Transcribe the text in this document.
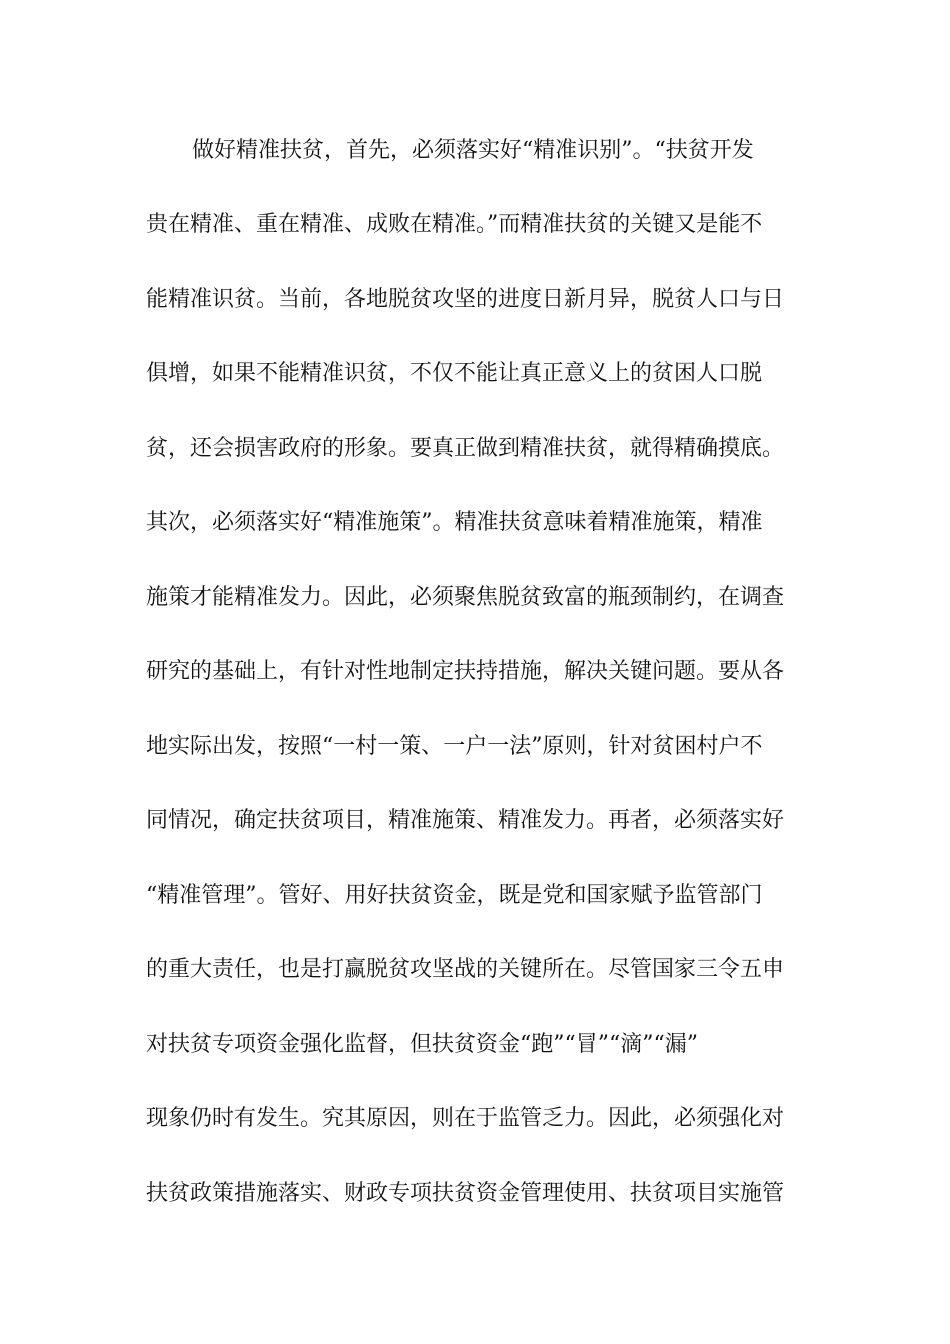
做好精准扶贫，首先，必须落实好“精准识别”。“扶贫开发
贵在精准、重在精准、成败在精准。”而精准扶贫的关键又是能不
能精准识贫。当前，各地脱贫攻坚的进度日新月异，脱贫人口与日
俱增，如果不能精准识贫，不仅不能让真正意义上的贫困人口脱
贫，还会损害政府的形象。要真正做到精准扶贫，就得精确摸底。
其次，必须落实好“精准施策”。精准扶贫意味着精准施策，精准
施策才能精准发力。因此，必须聚焦脱贫致富的瓶颈制约，在调查
研究的基础上，有针对性地制定扶持措施，解决关键问题。要从各
地实际出发，按照“一村一策、一户一法”原则，针对贫困村户不
同情况，确定扶贫项目，精准施策、精准发力。再者，必须落实好
“精准管理”。管好、用好扶贫资金，既是党和国家赋予监管部门
的重大责任，也是打赢脱贫攻坚战的关键所在。尽管国家三令五申
对扶贫专项资金强化监督，但扶贫资金“跑”“冒”“滴”“漏”
现象仍时有发生。究其原因，则在于监管乏力。因此，必须强化对
扶贫政策措施落实、财政专项扶贫资金管理使用、扶贫项目实施管
